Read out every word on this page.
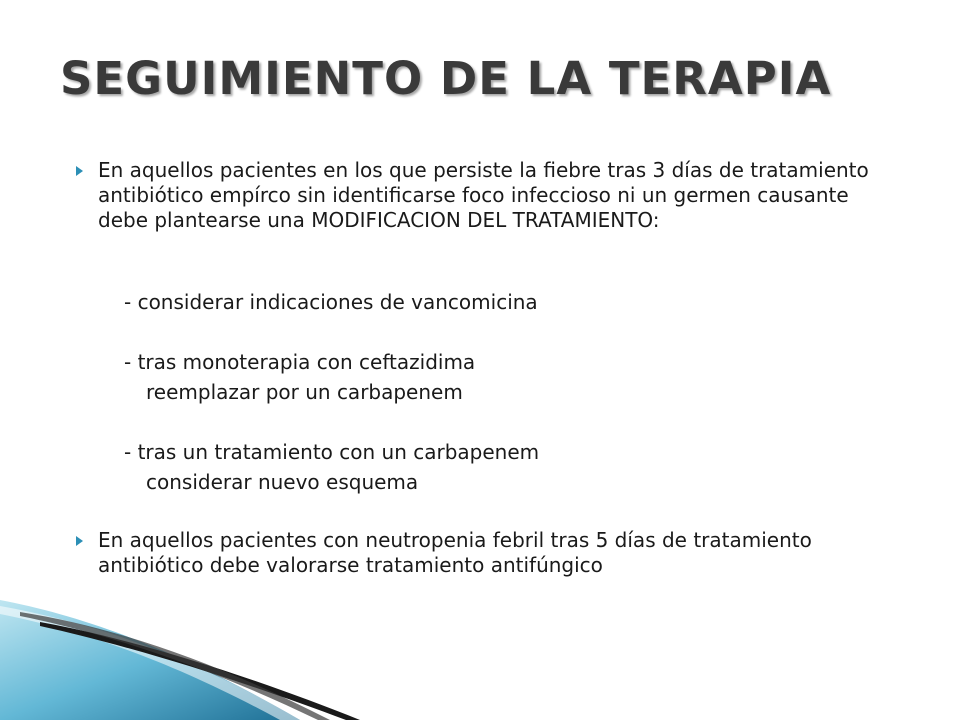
SEGUIMIENTO DE LA TERAPIA
En aquellos pacientes en los que persiste la fiebre tras 3 días de tratamiento antibiótico empírco sin identificarse foco infeccioso ni un germen causante debe plantearse una MODIFICACION DEL TRATAMIENTO:
- considerar indicaciones de vancomicina
- tras monoterapia con ceftazidima
reemplazar por un carbapenem
- tras un tratamiento con un carbapenem
considerar nuevo esquema
En aquellos pacientes con neutropenia febril tras 5 días de tratamiento antibiótico debe valorarse tratamiento antifúngico
